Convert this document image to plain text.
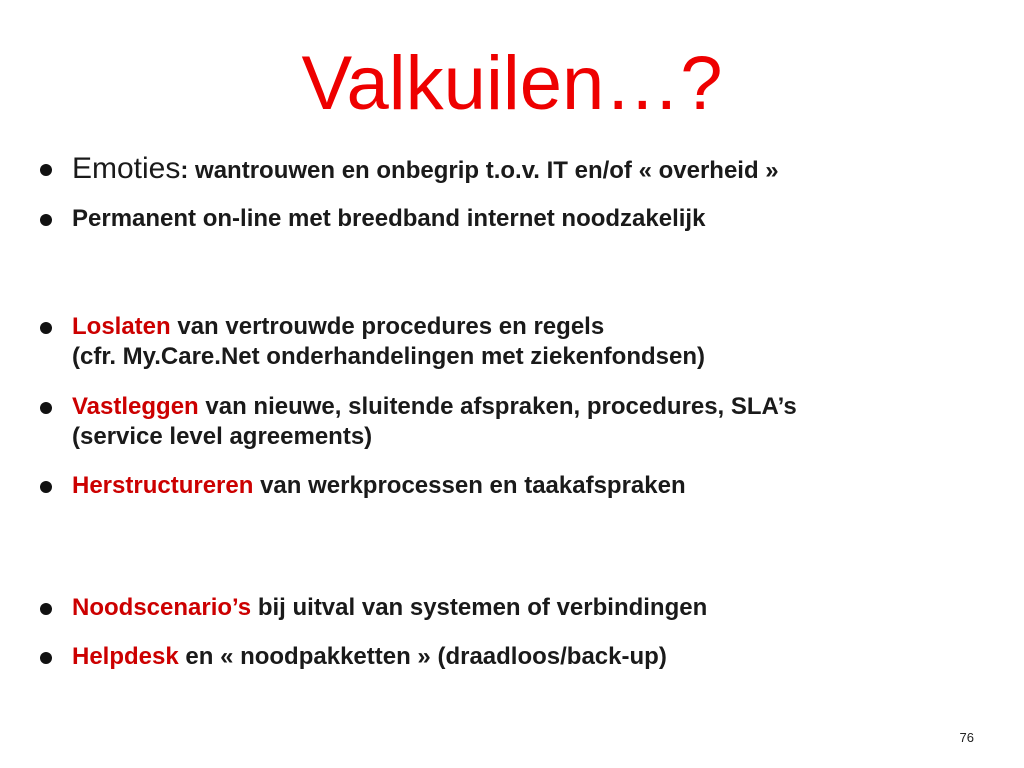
Valkuilen…?
Emoties: wantrouwen en onbegrip t.o.v. IT en/of « overheid »
Permanent on-line met breedband internet noodzakelijk
Loslaten van vertrouwde procedures en regels
(cfr. My.Care.Net onderhandelingen met ziekenfondsen)
Vastleggen van nieuwe, sluitende afspraken, procedures, SLA’s
(service level agreements)
Herstructureren van werkprocessen en taakafspraken
Noodscenario’s bij uitval van systemen of verbindingen
Helpdesk en « noodpakketten » (draadloos/back-up)
76
